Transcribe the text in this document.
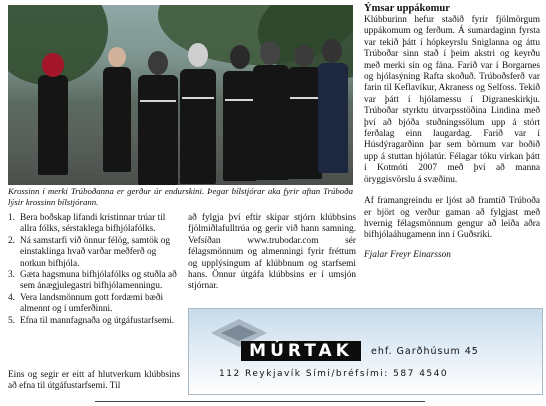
Krossinn í merki Trúboðanna er gerður úr endurskini. Þegar bílstjórar aka fyrir aftan Trúboða lýsir krossinn bílstjórann.
1. Bera boðskap lifandi kristinnar trúar til allra fólks, sérstaklega bifhjólafólks.
2. Ná samstarfi við önnur félög, samtök og einstaklinga hvað varðar meðferð og notkun bifhjóla.
3. Gæta hagsmuna bifhjólafólks og stuðla að sem ánægjulegastri bifhjólamenningu.
4. Vera landsmönnum gott fordæmi bæði almennt og í umferðinni.
5. Efna til mannfagnaða og útgáfustarfsemi.

Eins og segir er eitt af hlutverkum klúbbsins að efna til útgáfustarfsemi. Til

að fylgja því eftir skipar stjórn klúbbsins fjölmiðlafulltrúa og gerir við hann samning. Vefsíðan www.trubodar.com sér félagsmönnum og almenningi fyrir fréttum og upplýsingum af klúbbnum og starfsemi hans. Önnur útgáfa klúbbsins er í umsjón stjórnar.

Ýmsar uppákomur

Klúbburinn hefur staðið fyrir fjölmörgum uppákomum og ferðum. Á sumardaginn fyrsta var tekið þátt í hópkeyrslu Sniglanna og áttu Trúboðar sinn stað í þeim akstri og keyrðu með merki sín og fána. Farið var í Borgarnes og hjólasýning Rafta skoðuð. Trúboðsferð var farin til Keflavíkur, Akraness og Selfoss. Tekið var þátt í hjólamessu í Digraneskirkju. Trúboðar styrktu útvarpsstöðina Lindina með því að bjóða stuðningssölum upp á stórt ferðalag einn laugardag. Farið var í Húsdýragarðinn þar sem börnum var boðið upp á stuttan hjólatúr. Félagar tóku virkan þátt í Kotmóti 2007 með því að manna öryggisvörslu á svæðinu.

Af framangreindu er ljóst að framtíð Trúboða er björt og verður gaman að fylgjast með hvernig félagsmönnum gengur að leiða aðra bifhjólaáhugamenn inn í Guðsríki.

Fjalar Freyr Einarsson

MÚRTAK	ehf. Garðhúsum 45
112 Reykjavík Sími/bréfsími: 587 4540
